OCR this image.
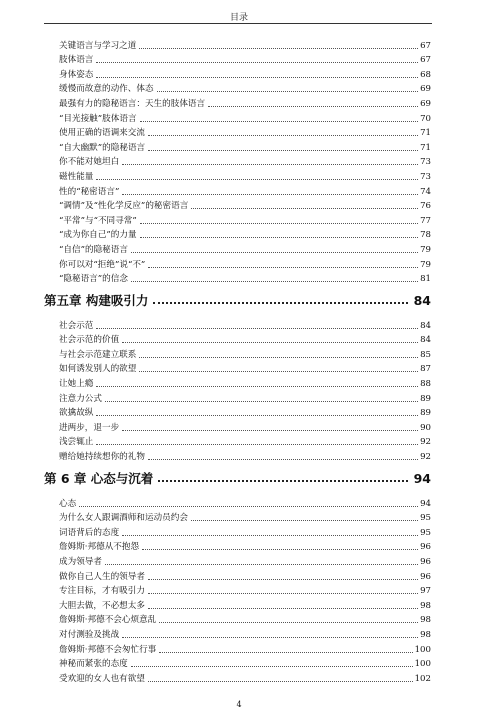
目录
关键语言与学习之道	67
肢体语言	67
身体姿态	68
缓慢而故意的动作、体态	69
最强有力的隐秘语言：天生的肢体语言	69
“目光接触”肢体语言	70
使用正确的语调来交流	71
“自大幽默”的隐秘语言	71
你不能对她坦白	73
磁性能量	73
性的“秘密语言”	74
“调情”及“性化学反应”的秘密语言	76
“平常”与“不同寻常”	77
“成为你自己”的力量	78
“自信”的隐秘语言	79
你可以对“拒绝”说“不”	79
“隐秘语言”的信念	81
第五章 构建吸引力	84
社会示范	84
社会示范的价值	84
与社会示范建立联系	85
如何诱发别人的欲望	87
让她上瘾	88
注意力公式	89
欲擒故纵	89
进两步，退一步	90
浅尝辄止	92
赠给她持续想你的礼物	92
第 6 章 心态与沉着	94
心态	94
为什么女人跟调酒师和运动员约会	95
词语背后的态度	95
詹姆斯·邦德从不抱怨	96
成为领导者	96
做你自己人生的领导者	96
专注目标，才有吸引力	97
大胆去做，不必想太多	98
詹姆斯·邦德不会心烦意乱	98
对付测验及挑战	98
詹姆斯·邦德不会匆忙行事	100
神秘而紧张的态度	100
受欢迎的女人也有欲望	102
4
